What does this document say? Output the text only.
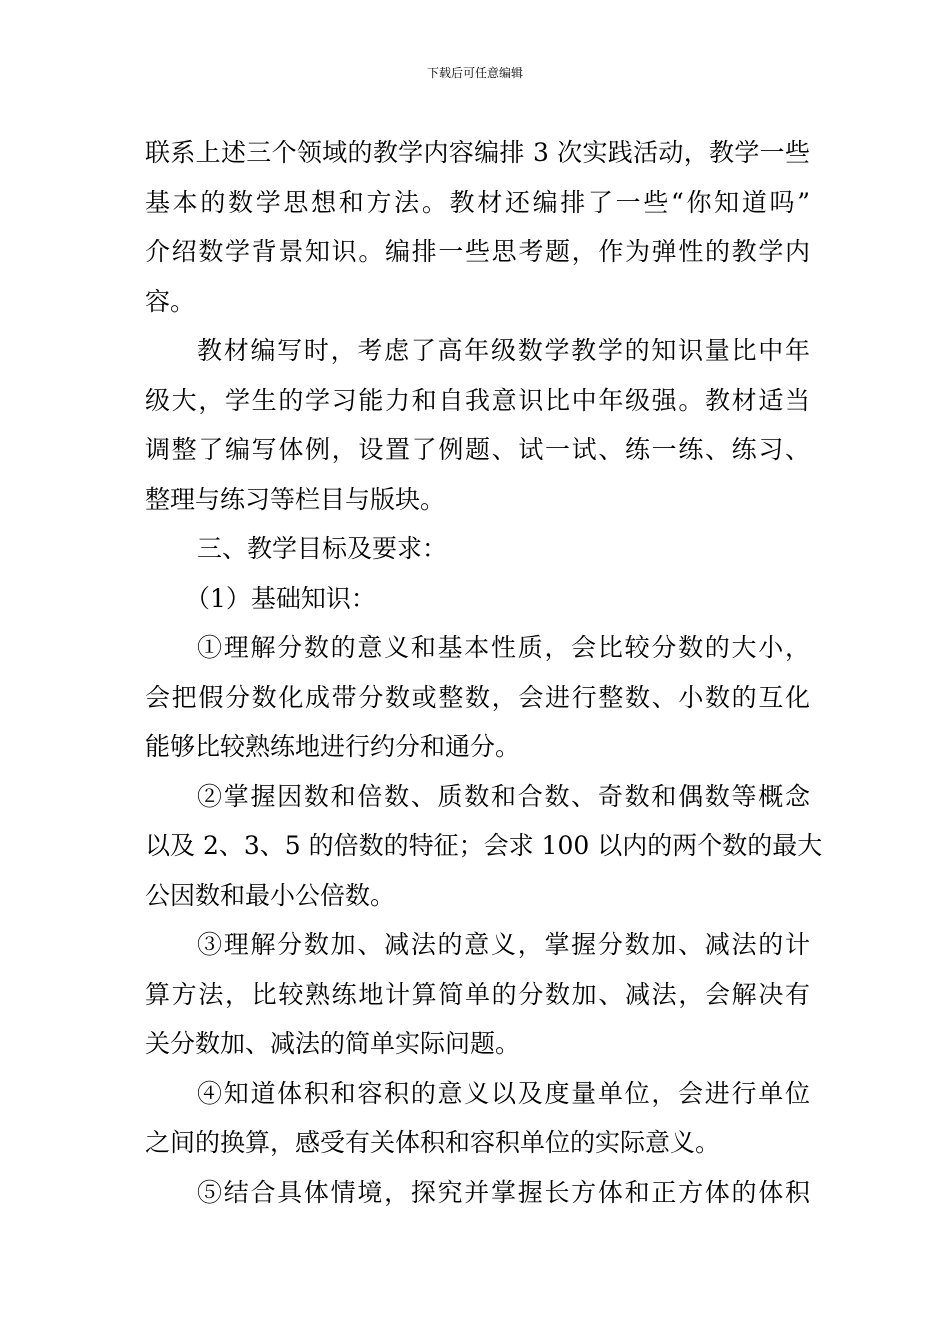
下载后可任意编辑
联系上述三个领域的教学内容编排 3 次实践活动，教学一些
基本的数学思想和方法。教材还编排了一些“你知道吗”
介绍数学背景知识。编排一些思考题，作为弹性的教学内
容。
教材编写时，考虑了高年级数学教学的知识量比中年
级大，学生的学习能力和自我意识比中年级强。教材适当
调整了编写体例，设置了例题、试一试、练一练、练习、
整理与练习等栏目与版块。
三、教学目标及要求：
（1）基础知识：
①理解分数的意义和基本性质，会比较分数的大小，
会把假分数化成带分数或整数，会进行整数、小数的互化
能够比较熟练地进行约分和通分。
②掌握因数和倍数、质数和合数、奇数和偶数等概念
以及 2、3、5 的倍数的特征；会求 100 以内的两个数的最大
公因数和最小公倍数。
③理解分数加、减法的意义，掌握分数加、减法的计
算方法，比较熟练地计算简单的分数加、减法，会解决有
关分数加、减法的简单实际问题。
④知道体积和容积的意义以及度量单位，会进行单位
之间的换算，感受有关体积和容积单位的实际意义。
⑤结合具体情境，探究并掌握长方体和正方体的体积
